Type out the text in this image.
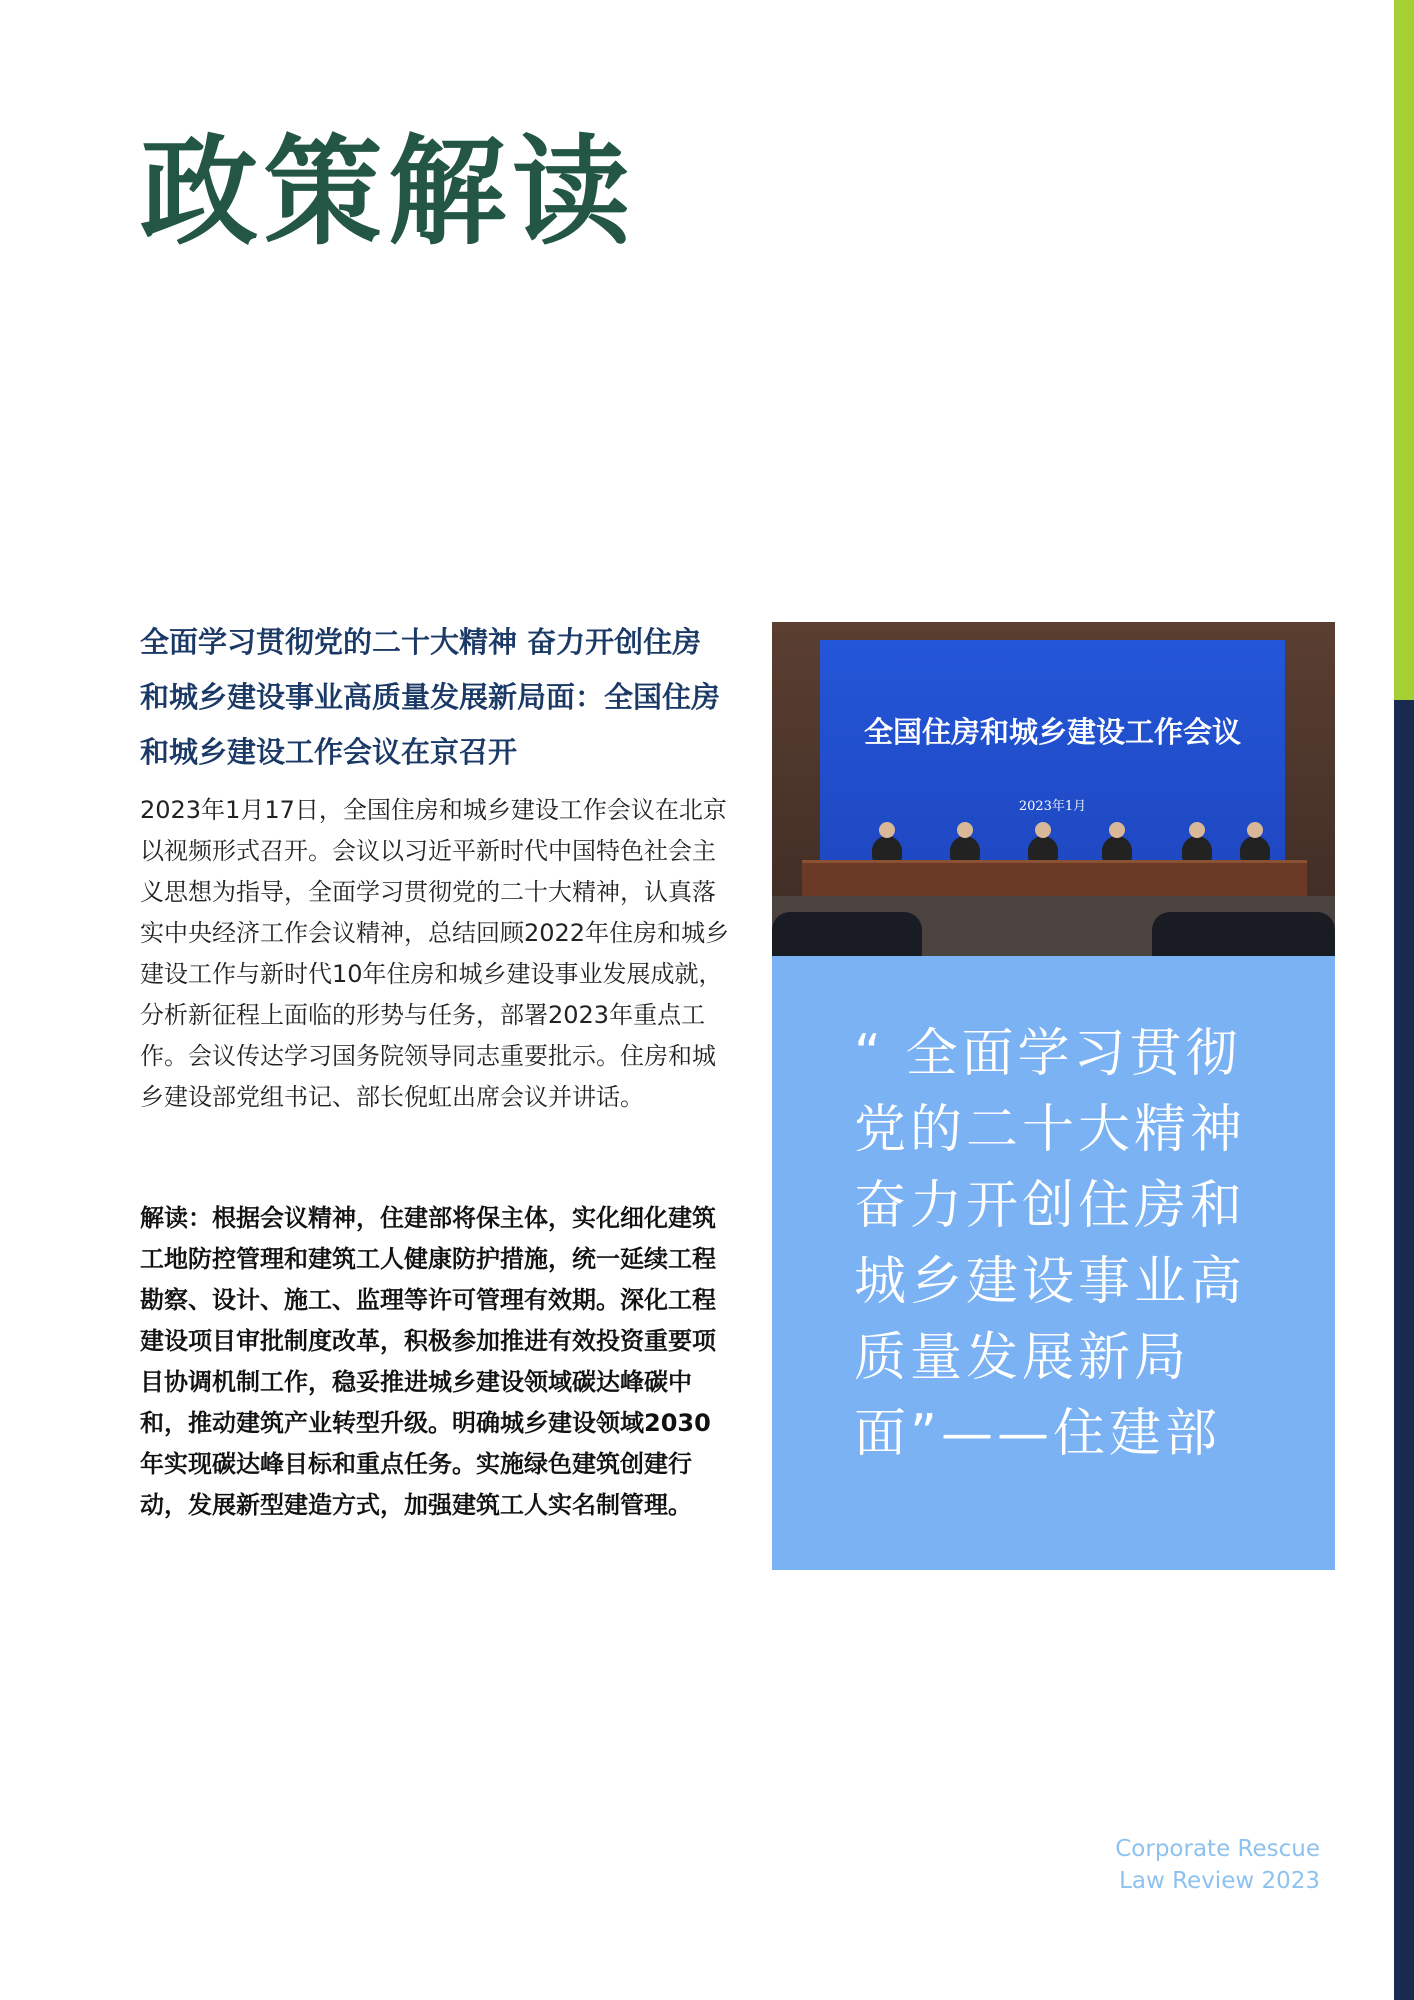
政策解读
全面学习贯彻党的二十大精神 奋力开创住房和城乡建设事业高质量发展新局面：全国住房和城乡建设工作会议在京召开

2023年1月17日，全国住房和城乡建设工作会议在北京以视频形式召开。会议以习近平新时代中国特色社会主义思想为指导，全面学习贯彻党的二十大精神，认真落实中央经济工作会议精神，总结回顾2022年住房和城乡建设工作与新时代10年住房和城乡建设事业发展成就，分析新征程上面临的形势与任务，部署2023年重点工作。会议传达学习国务院领导同志重要批示。住房和城乡建设部党组书记、部长倪虹出席会议并讲话。

解读：根据会议精神，住建部将保主体，实化细化建筑工地防控管理和建筑工人健康防护措施，统一延续工程勘察、设计、施工、监理等许可管理有效期。深化工程建设项目审批制度改革，积极参加推进有效投资重要项目协调机制工作，稳妥推进城乡建设领域碳达峰碳中和，推动建筑产业转型升级。明确城乡建设领域2030年实现碳达峰目标和重点任务。实施绿色建筑创建行动，发展新型建造方式，加强建筑工人实名制管理。

全国住房和城乡建设工作会议
2023年1月

“ 全面学习贯彻党的二十大精神奋力开创住房和城乡建设事业高质量发展新局面”——住建部

Corporate Rescue
Law Review 2023
